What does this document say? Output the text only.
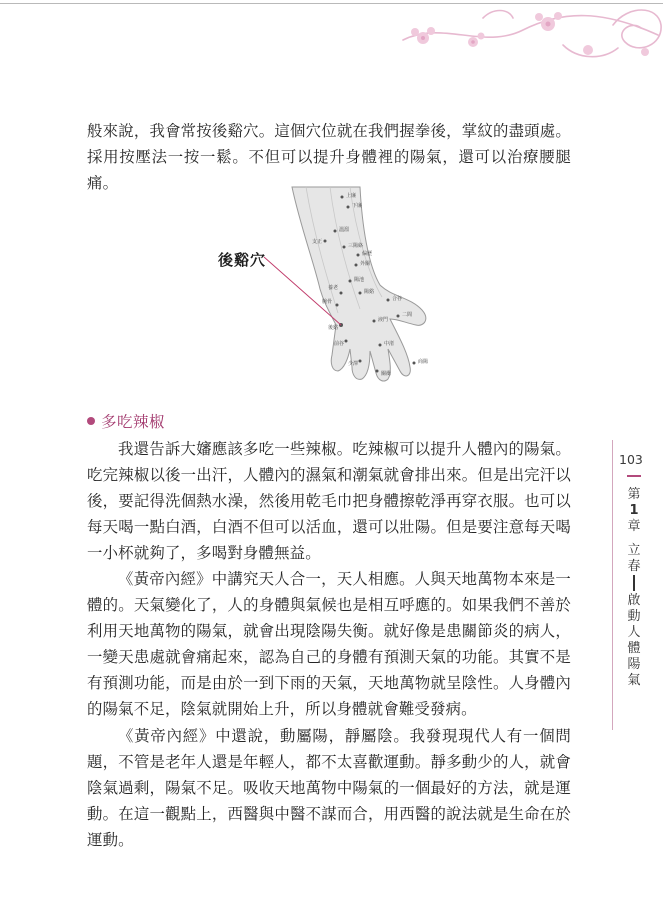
般來說，我會常按後谿穴。這個穴位就在我們握拳後，掌紋的盡頭處。採用按壓法一按一鬆。不但可以提升身體裡的陽氣，還可以治療腰腿痛。

上廉
下廉
溫溜
支正
三陽絡
偏歷
外關
陽池
養老
腕骨
陽谿
合谷
液門
二間
後谿
前谷
少澤
關衝
商陽
中渚
後谿穴
多吃辣椒

我還告訴大嬸應該多吃一些辣椒。吃辣椒可以提升人體內的陽氣。吃完辣椒以後一出汗，人體內的濕氣和潮氣就會排出來。但是出完汗以後，要記得洗個熱水澡，然後用乾毛巾把身體擦乾淨再穿衣服。也可以每天喝一點白酒，白酒不但可以活血，還可以壯陽。但是要注意每天喝一小杯就夠了，多喝對身體無益。

《黃帝內經》中講究天人合一，天人相應。人與天地萬物本來是一體的。天氣變化了，人的身體與氣候也是相互呼應的。如果我們不善於利用天地萬物的陽氣，就會出現陰陽失衡。就好像是患關節炎的病人，一變天患處就會痛起來，認為自己的身體有預測天氣的功能。其實不是有預測功能，而是由於一到下雨的天氣，天地萬物就呈陰性。人身體內的陽氣不足，陰氣就開始上升，所以身體就會難受發病。

《黃帝內經》中還說，動屬陽，靜屬陰。我發現現代人有一個問題，不管是老年人還是年輕人，都不太喜歡運動。靜多動少的人，就會陰氣過剩，陽氣不足。吸收天地萬物中陽氣的一個最好的方法，就是運動。在這一觀點上，西醫與中醫不謀而合，用西醫的說法就是生命在於運動。

103
第
1
章
立春
啟動人體陽氣
